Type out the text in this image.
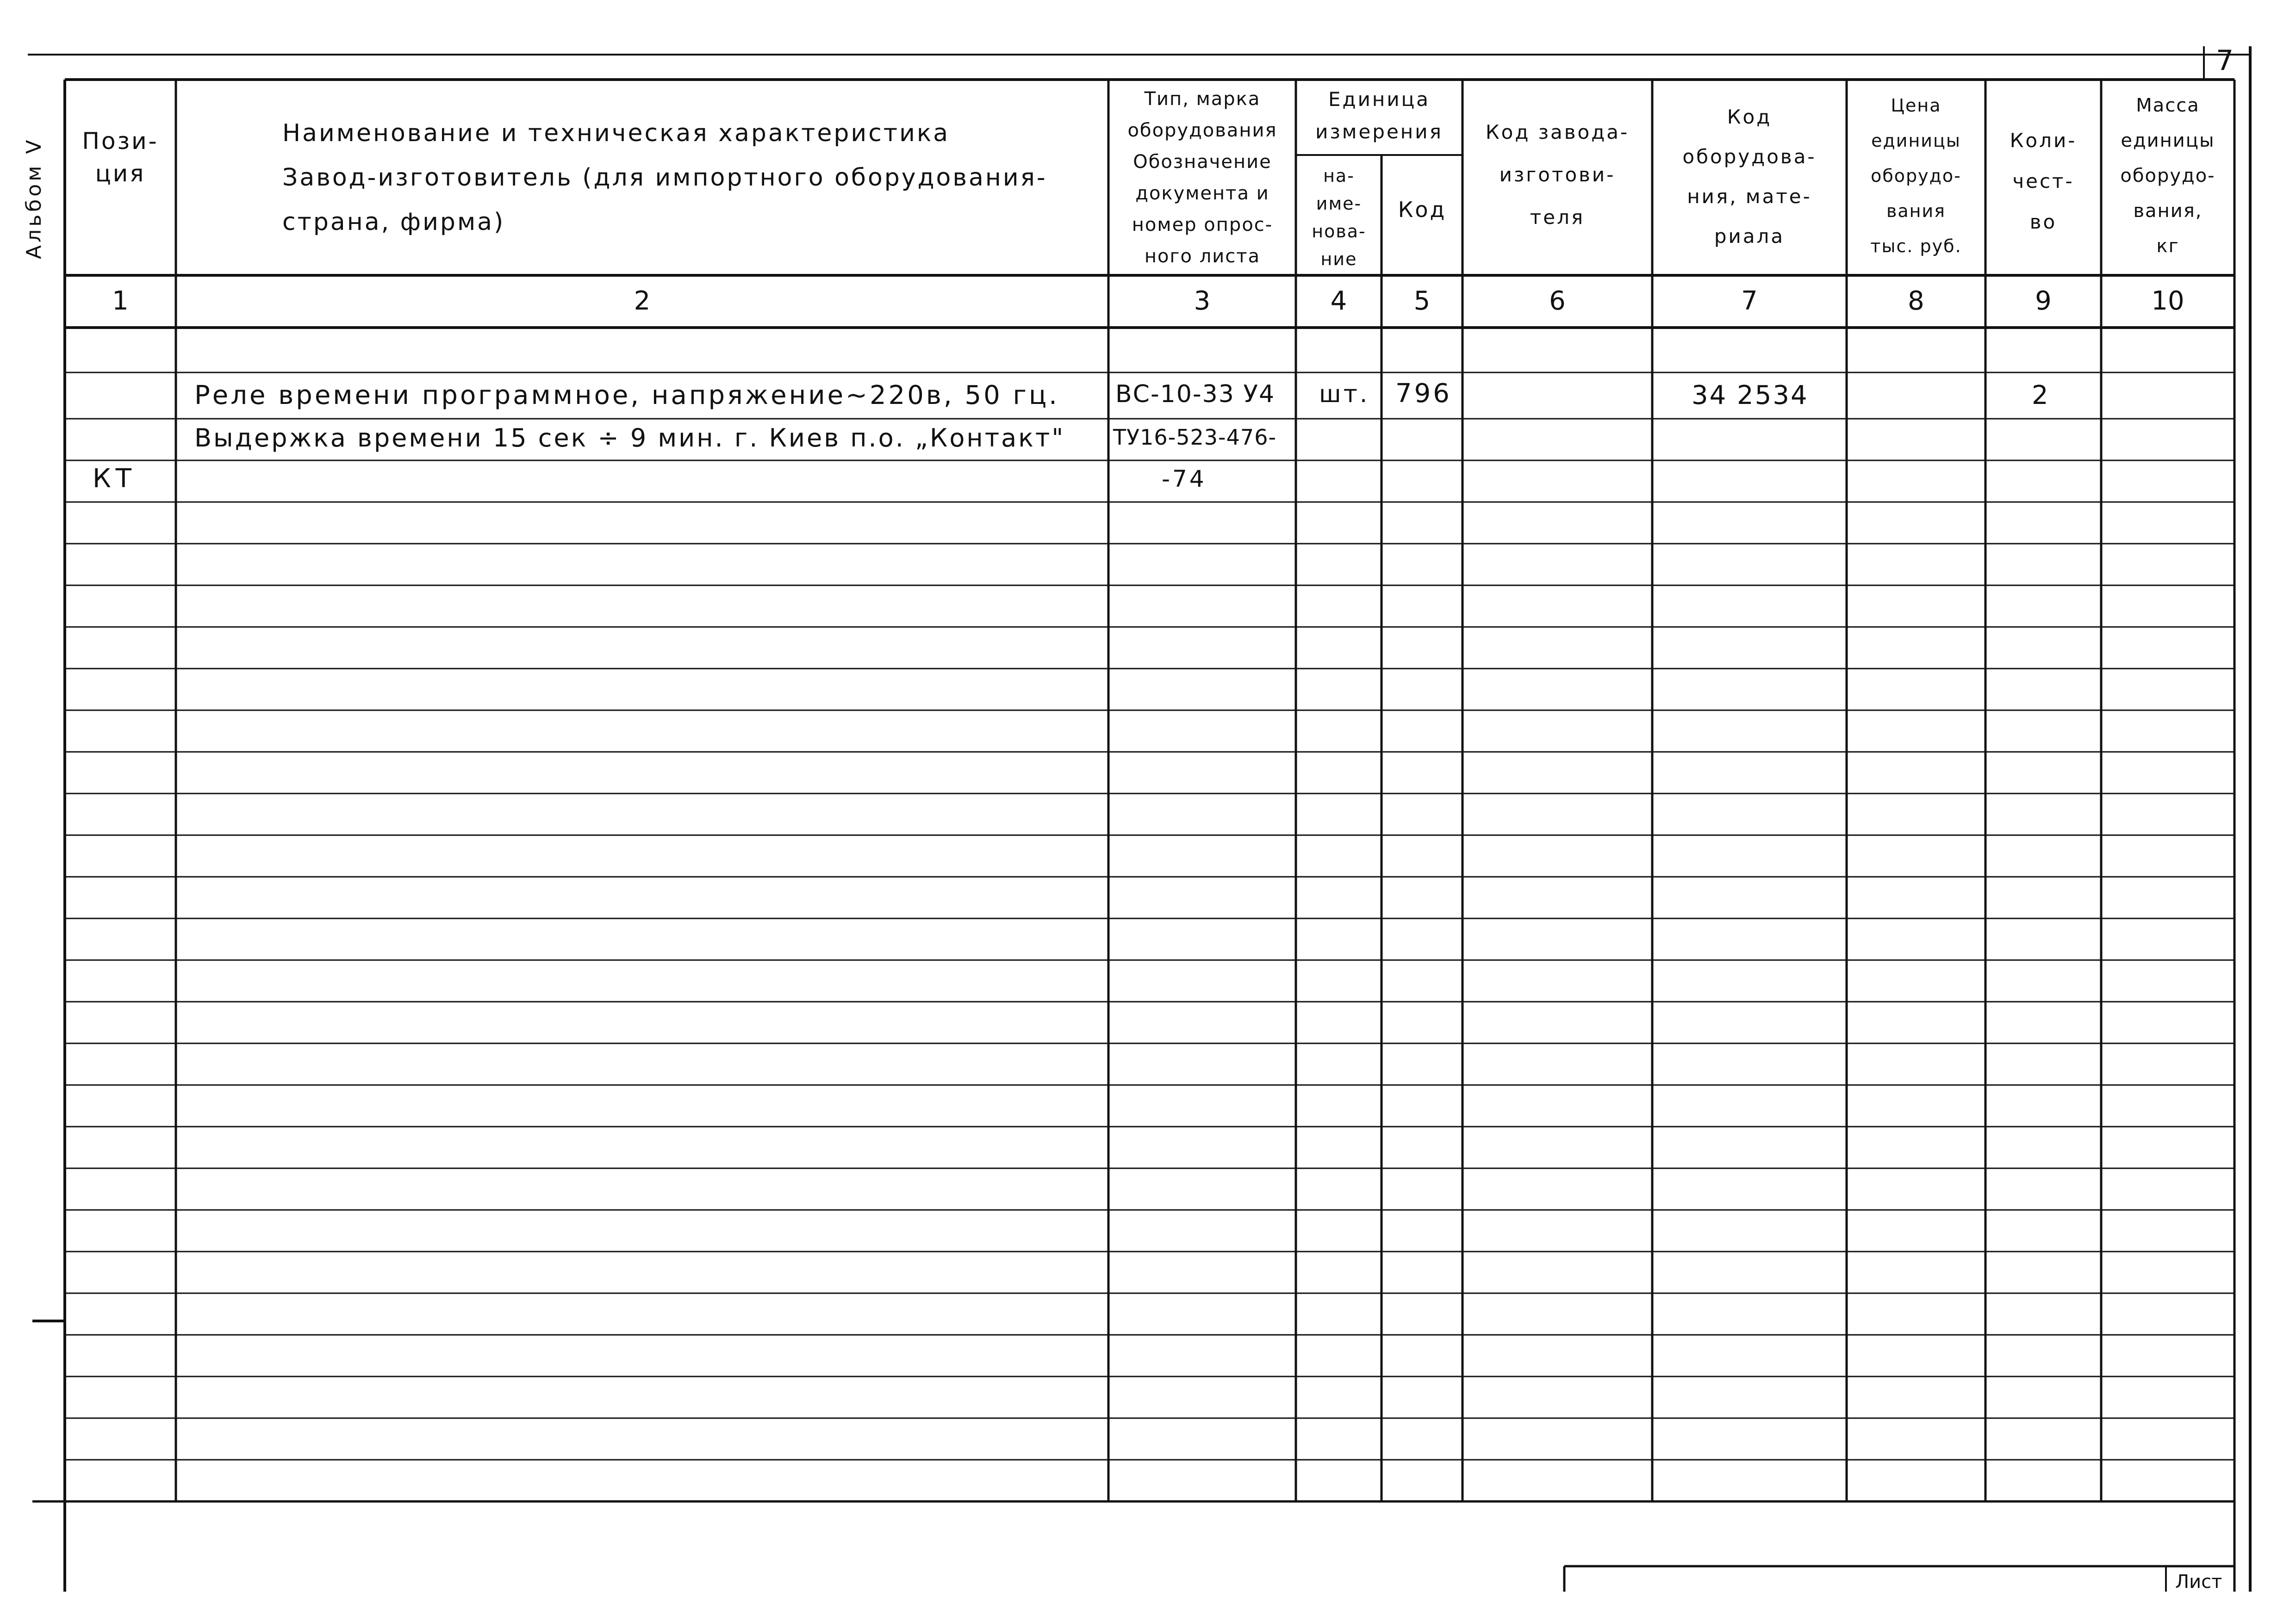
7
Альбом V	Пози-
ция
Наименование и техническая характеристика
Завод-изготовитель (для импортного оборудования-
страна, фирма)
Тип, марка
оборудования
Обозначение
документа и
номер опрос-
ного листа
Единица
измерения
на-
име-
нова-
ние
Код
Код завода-
изготови-
теля
Код
оборудова-
ния, мате-
риала
Цена
единицы
оборудо-
вания
тыс. руб.
Коли-
чест-
во
Масса
единицы
оборудо-
вания,
кг
1	2	3	4	5	6	7	8	9	10
Реле времени программное, напряжение~220в, 50 гц. ВС-10-33 У4 шт. 796	34 2534	2
Выдержка времени 15 сек ÷ 9 мин. г. Киев п.о. „Контакт" ТУ16-523-476-
КТ	-74
Лист
